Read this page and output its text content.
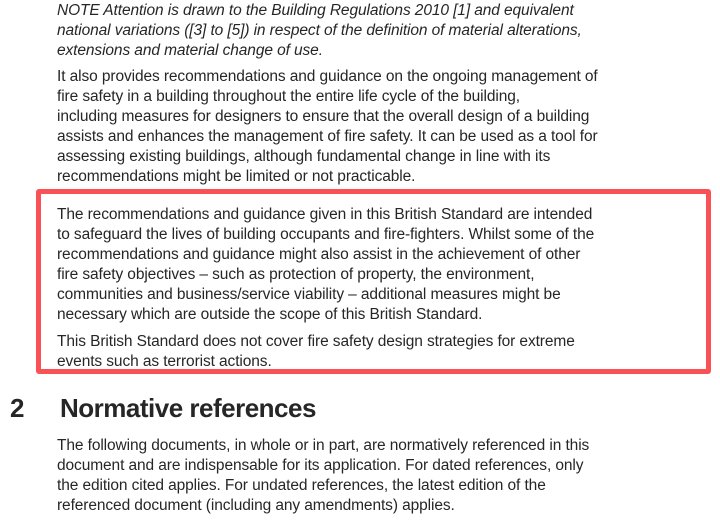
NOTE Attention is drawn to the Building Regulations 2010 [1] and equivalent
national variations ([3] to [5]) in respect of the definition of material alterations,
extensions and material change of use.
It also provides recommendations and guidance on the ongoing management of
fire safety in a building throughout the entire life cycle of the building,
including measures for designers to ensure that the overall design of a building
assists and enhances the management of fire safety. It can be used as a tool for
assessing existing buildings, although fundamental change in line with its
recommendations might be limited or not practicable.
The recommendations and guidance given in this British Standard are intended
to safeguard the lives of building occupants and fire-fighters. Whilst some of the
recommendations and guidance might also assist in the achievement of other
fire safety objectives – such as protection of property, the environment,
communities and business/service viability – additional measures might be
necessary which are outside the scope of this British Standard.
This British Standard does not cover fire safety design strategies for extreme
events such as terrorist actions.
2 Normative references
The following documents, in whole or in part, are normatively referenced in this
document and are indispensable for its application. For dated references, only
the edition cited applies. For undated references, the latest edition of the
referenced document (including any amendments) applies.
